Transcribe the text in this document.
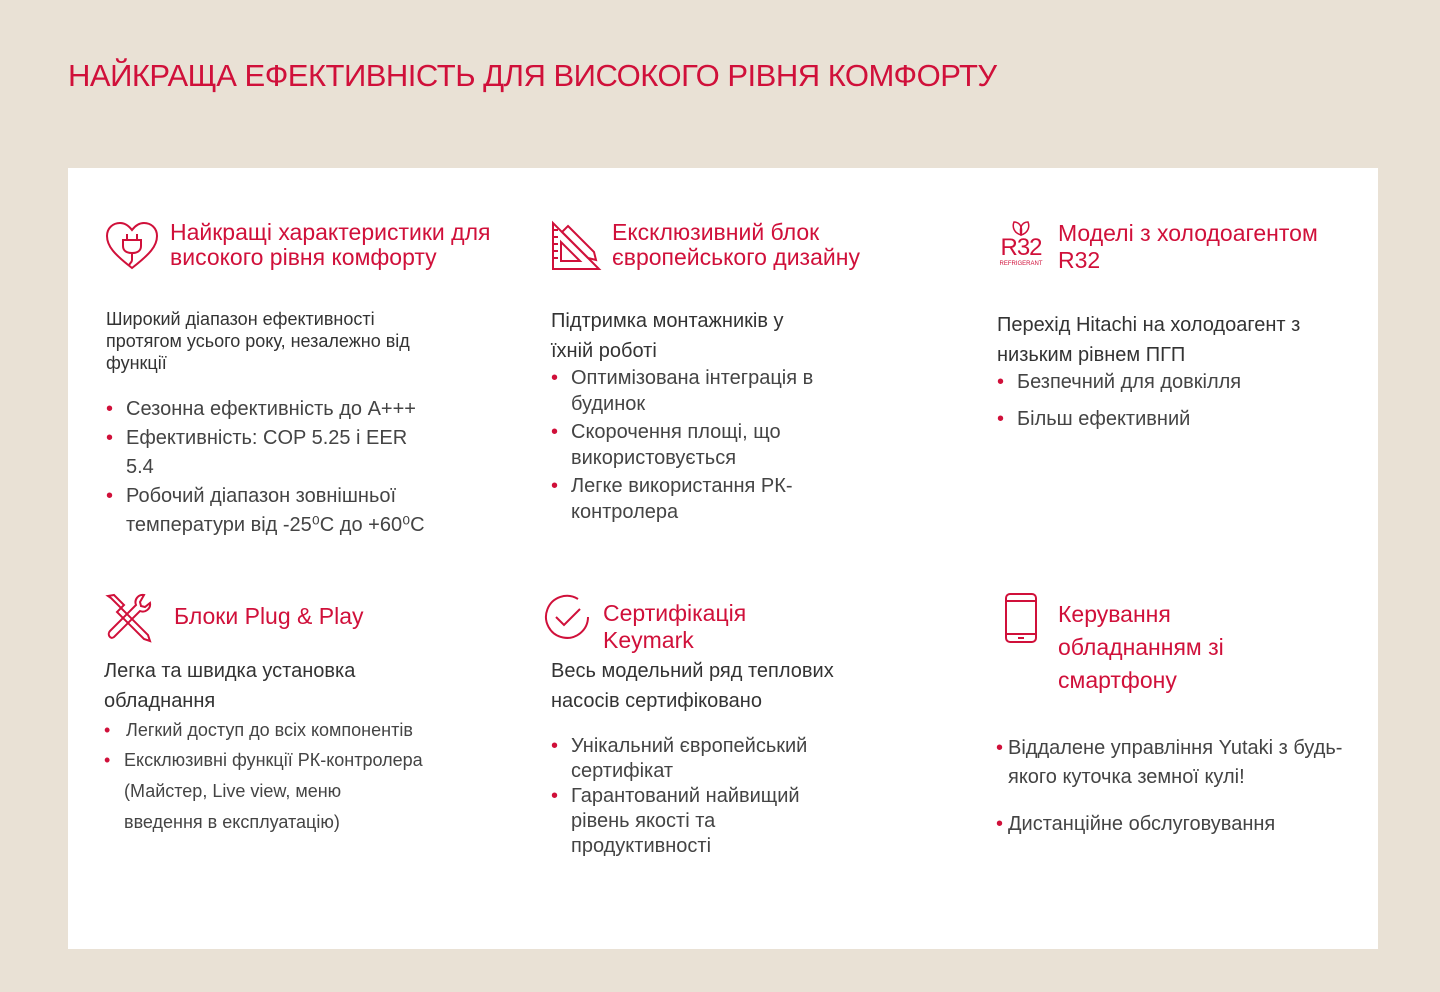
НАЙКРАЩА ЕФЕКТИВНІСТЬ ДЛЯ ВИСОКОГО РІВНЯ КОМФОРТУ
Найкращі характеристики для високого рівня комфорту
Широкий діапазон ефективності протягом усього року, незалежно від функції
• Сезонна ефективність до А+++
• Ефективність: COP 5.25 і EER 5.4
• Робочий діапазон зовнішньої температури від -25⁰C до +60⁰C
Ексклюзивний блок європейського дизайну
Підтримка монтажників у їхній роботі
• Оптимізована інтеграція в будинок
• Скорочення площі, що використовується
• Легке використання РК-контролера
R32
REFRIGERANT
Моделі з холодоагентом R32
Перехід Hitachi на холодоагент з низьким рівнем ПГП
• Безпечний для довкілля
• Більш ефективний
Блоки Plug & Play
Легка та швидка установка обладнання
• Легкий доступ до всіх компонентів
• Ексклюзивні функції РК-контролера (Майстер, Live view, меню введення в експлуатацію)
Сертифікація Keymark
Весь модельний ряд теплових насосів сертифіковано
• Унікальний європейський сертифікат
• Гарантований найвищий рівень якості та продуктивності
Керування обладнанням зі смартфону
• Віддалене управління Yutaki з будь-якого куточка земної кулі!
• Дистанційне обслуговування
